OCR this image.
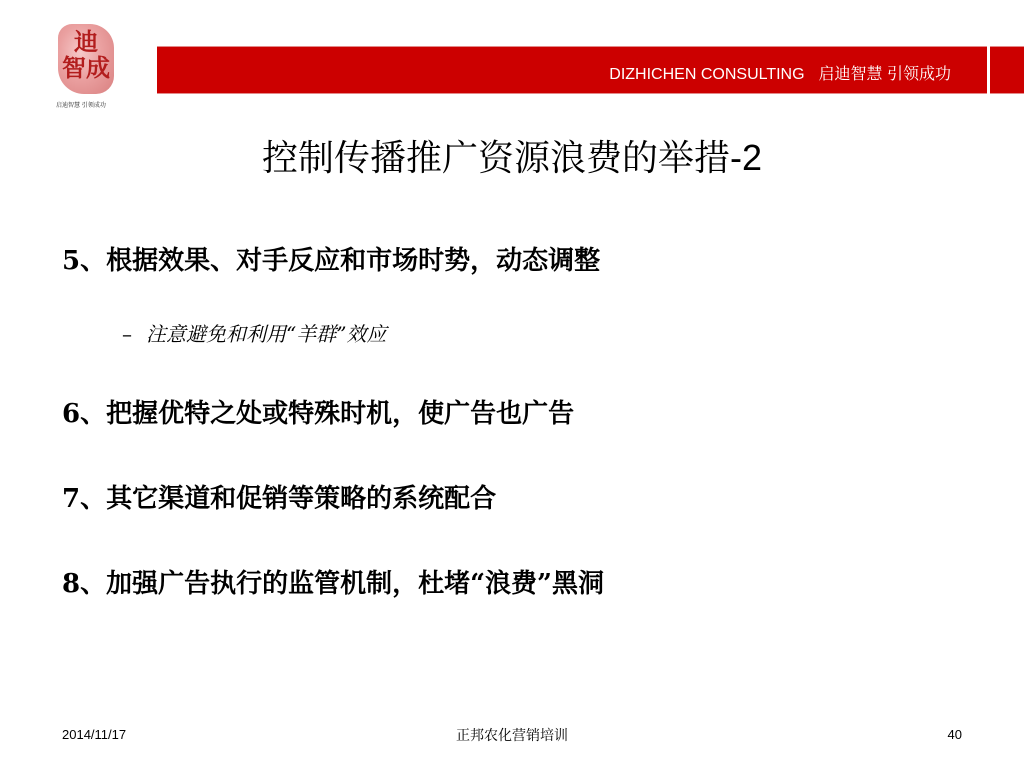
迪
智 成
启迪智慧 引领成功
DIZHICHEN CONSULTING 启迪智慧 引领成功
控制传播推广资源浪费的举措-2
5、根据效果、对手反应和市场时势，动态调整
– 注意避免和利用“羊群”效应
6、把握优特之处或特殊时机，使广告也广告
7、其它渠道和促销等策略的系统配合
8、加强广告执行的监管机制，杜堵“浪费”黑洞
2014/11/17	正邦农化营销培训	40
